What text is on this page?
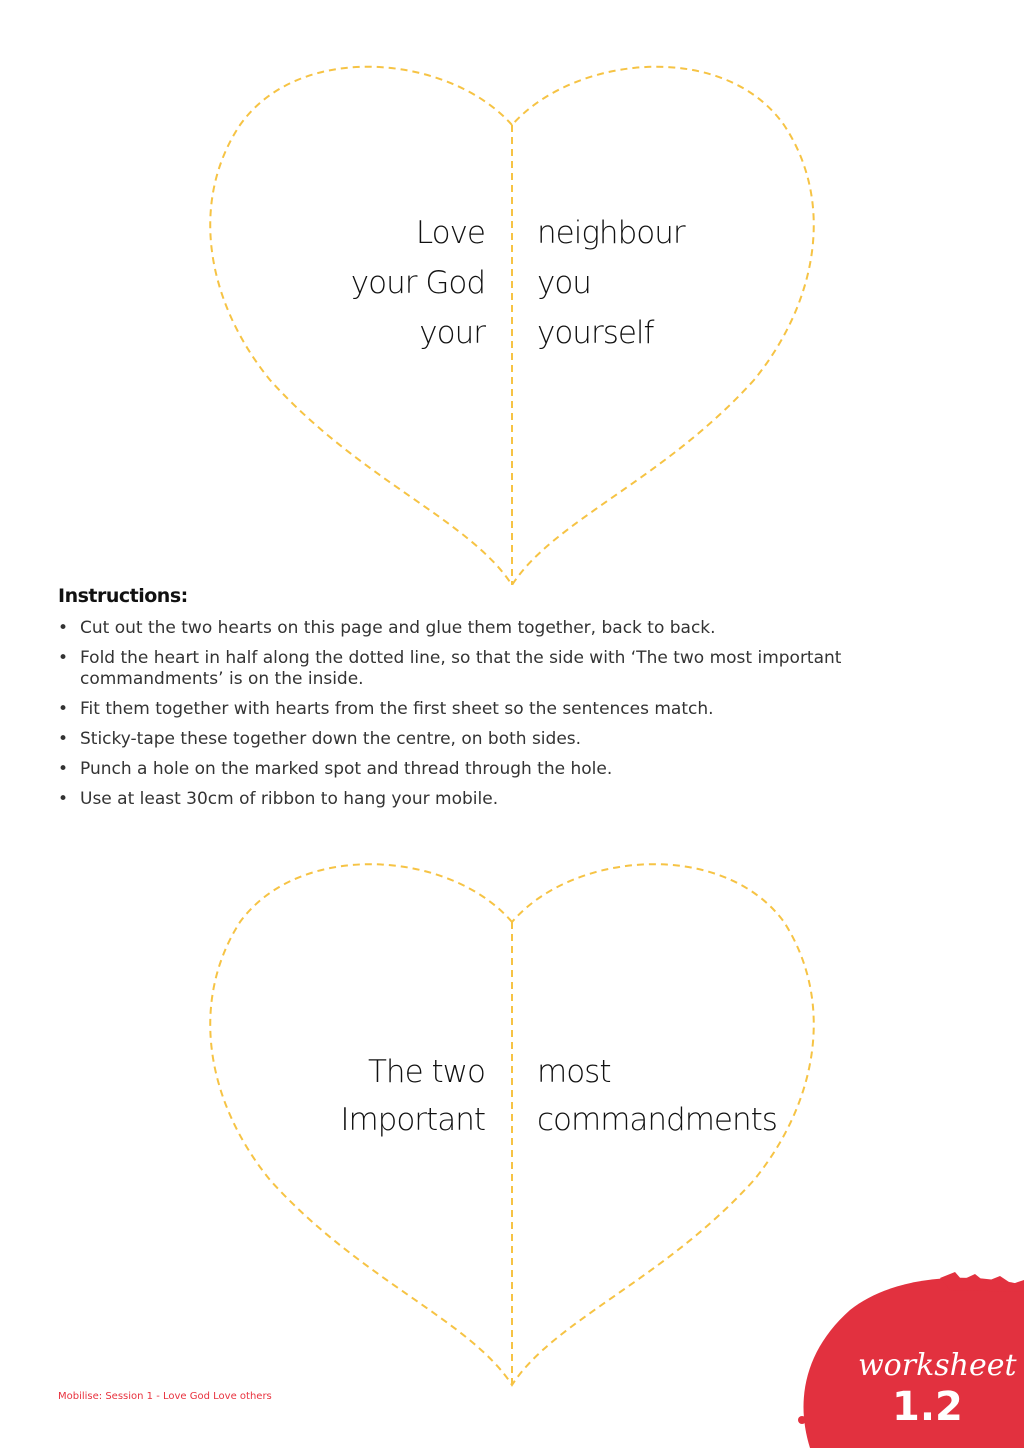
Love
your God
your
neighbour
you
yourself
Instructions:
• Cut out the two hearts on this page and glue them together, back to back.
• Fold the heart in half along the dotted line, so that the side with ‘The two most important commandments’ is on the inside.
• Fit them together with hearts from the first sheet so the sentences match.
• Sticky-tape these together down the centre, on both sides.
• Punch a hole on the marked spot and thread through the hole.
• Use at least 30cm of ribbon to hang your mobile.
The two
Important
most
commandments
Mobilise: Session 1 - Love God Love others
worksheet
1.2
